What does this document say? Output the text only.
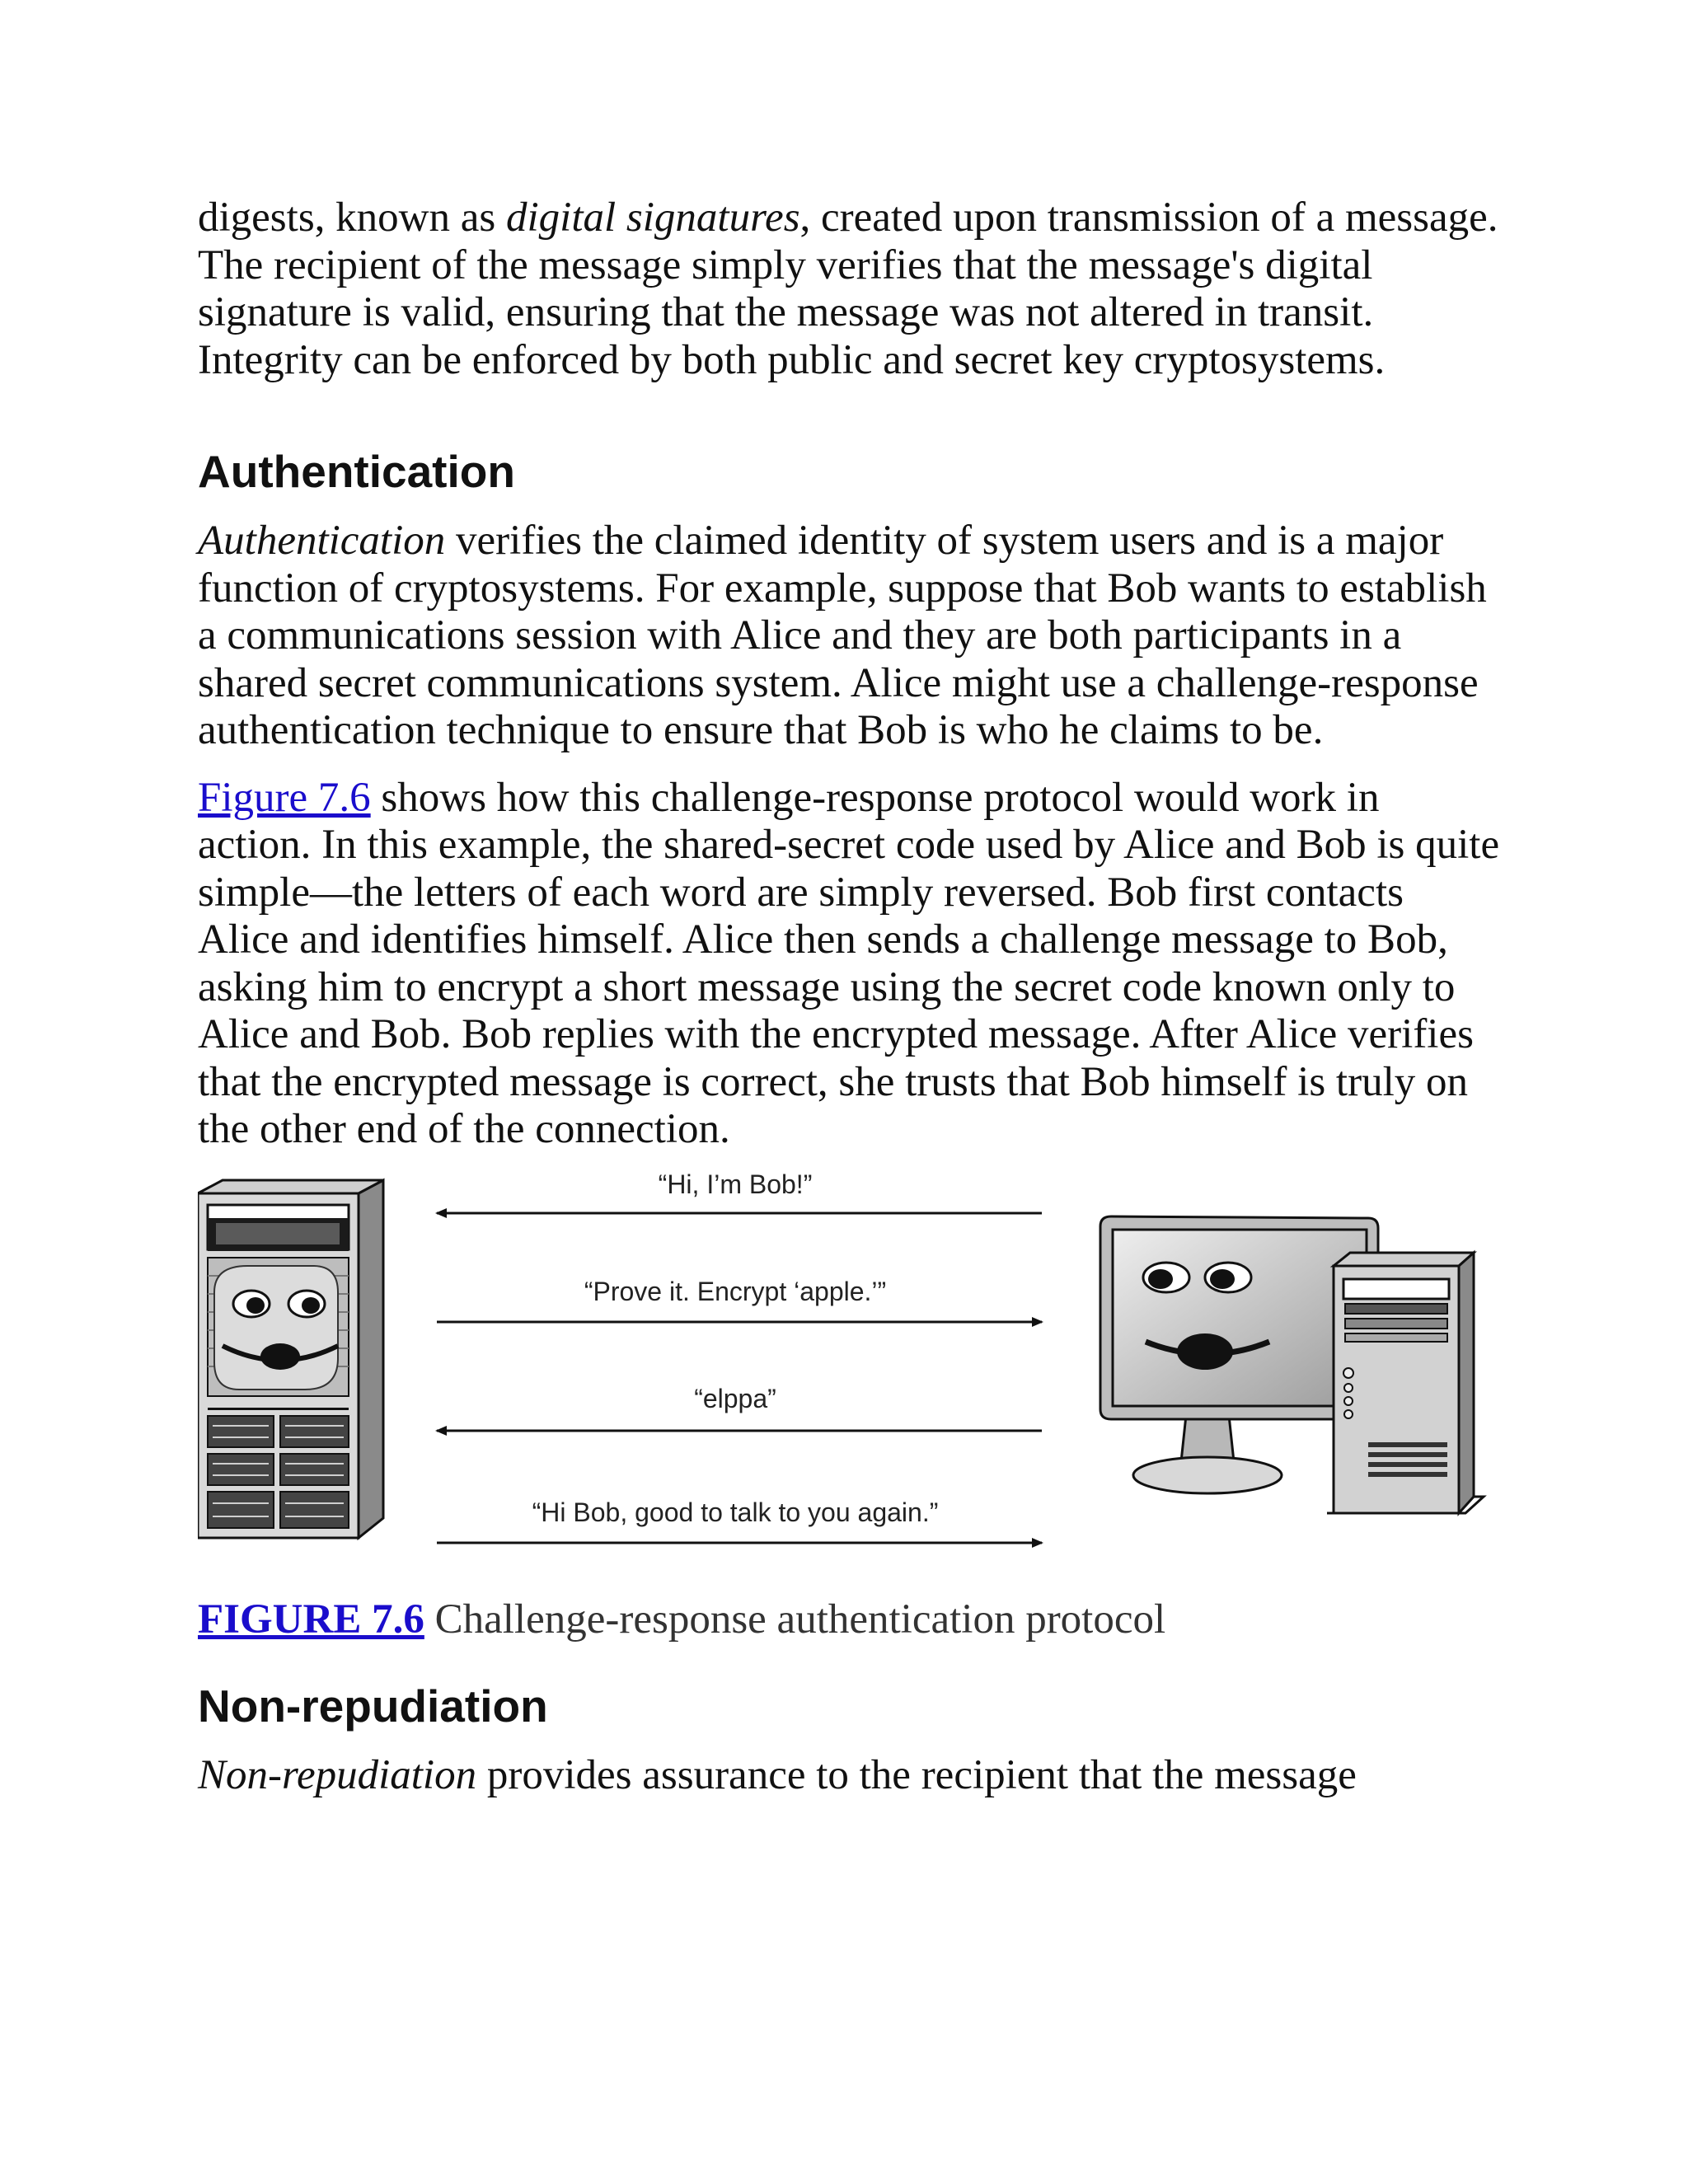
digests, known as digital signatures, created upon transmission of a message. The recipient of the message simply verifies that the message's digital signature is valid, ensuring that the message was not altered in transit. Integrity can be enforced by both public and secret key cryptosystems.

Authentication

Authentication verifies the claimed identity of system users and is a major function of cryptosystems. For example, suppose that Bob wants to establish a communications session with Alice and they are both participants in a shared secret communications system. Alice might use a challenge-response authentication technique to ensure that Bob is who he claims to be.

Figure 7.6 shows how this challenge-response protocol would work in action. In this example, the shared-secret code used by Alice and Bob is quite simple—the letters of each word are simply reversed. Bob first contacts Alice and identifies himself. Alice then sends a challenge message to Bob, asking him to encrypt a short message using the secret code known only to Alice and Bob. Bob replies with the encrypted message. After Alice verifies that the encrypted message is correct, she trusts that Bob himself is truly on the other end of the connection.

“Hi, I’m Bob!”
“Prove it. Encrypt ‘apple.’”
“elppa”
“Hi Bob, good to talk to you again.”

FIGURE 7.6 Challenge-response authentication protocol

Non-repudiation

Non-repudiation provides assurance to the recipient that the message
